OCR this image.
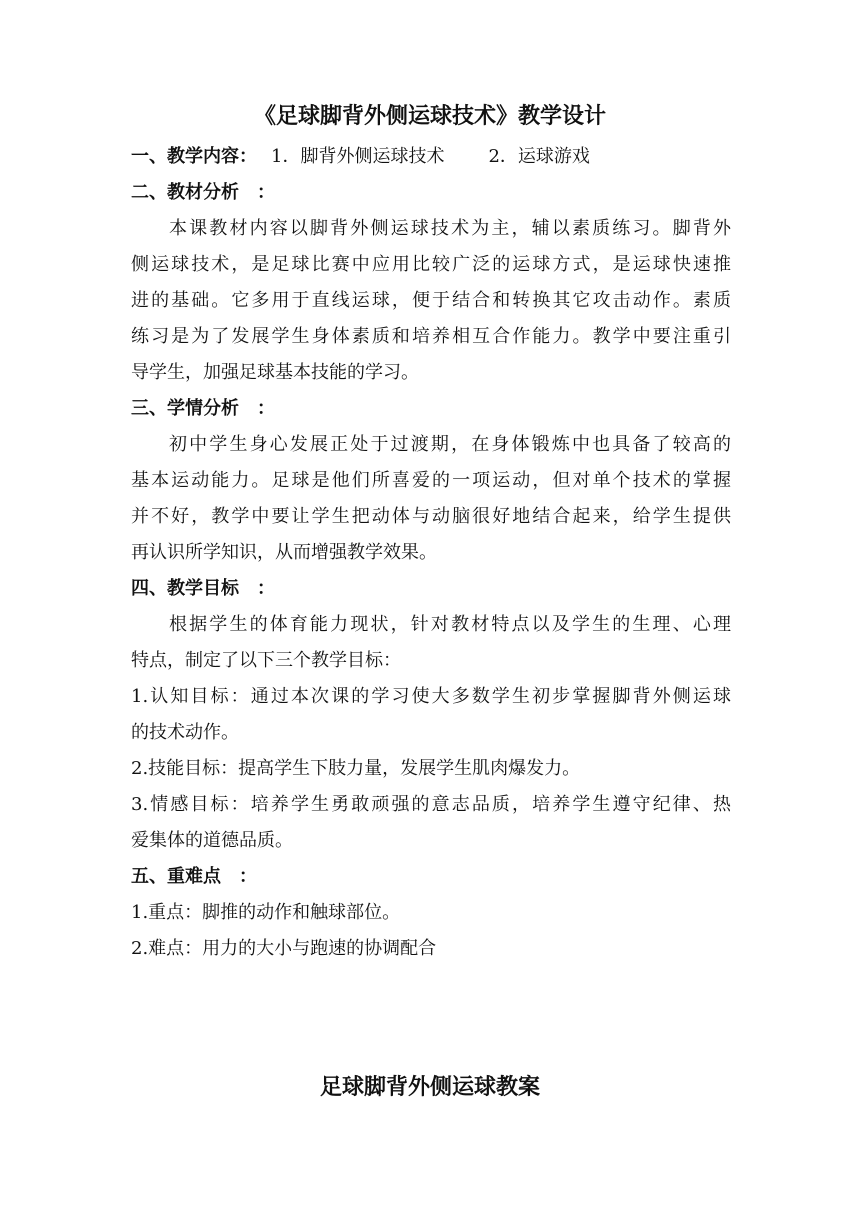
《足球脚背外侧运球技术》教学设计
一、教学内容： 1．脚背外侧运球技术 2．运球游戏
二、教材分析 ：
本课教材内容以脚背外侧运球技术为主，辅以素质练习。脚背外
侧运球技术，是足球比赛中应用比较广泛的运球方式，是运球快速推
进的基础。它多用于直线运球，便于结合和转换其它攻击动作。素质
练习是为了发展学生身体素质和培养相互合作能力。教学中要注重引
导学生，加强足球基本技能的学习。
三、学情分析 ：
初中学生身心发展正处于过渡期，在身体锻炼中也具备了较高的
基本运动能力。足球是他们所喜爱的一项运动，但对单个技术的掌握
并不好，教学中要让学生把动体与动脑很好地结合起来，给学生提供
再认识所学知识，从而增强教学效果。
四、教学目标 ：
根据学生的体育能力现状，针对教材特点以及学生的生理、心理
特点，制定了以下三个教学目标：
1.认知目标：通过本次课的学习使大多数学生初步掌握脚背外侧运球
的技术动作。
2.技能目标：提高学生下肢力量，发展学生肌肉爆发力。
3.情感目标：培养学生勇敢顽强的意志品质，培养学生遵守纪律、热
爱集体的道德品质。
五、重难点 ：
1.重点：脚推的动作和触球部位。
2.难点：用力的大小与跑速的协调配合
足球脚背外侧运球教案
